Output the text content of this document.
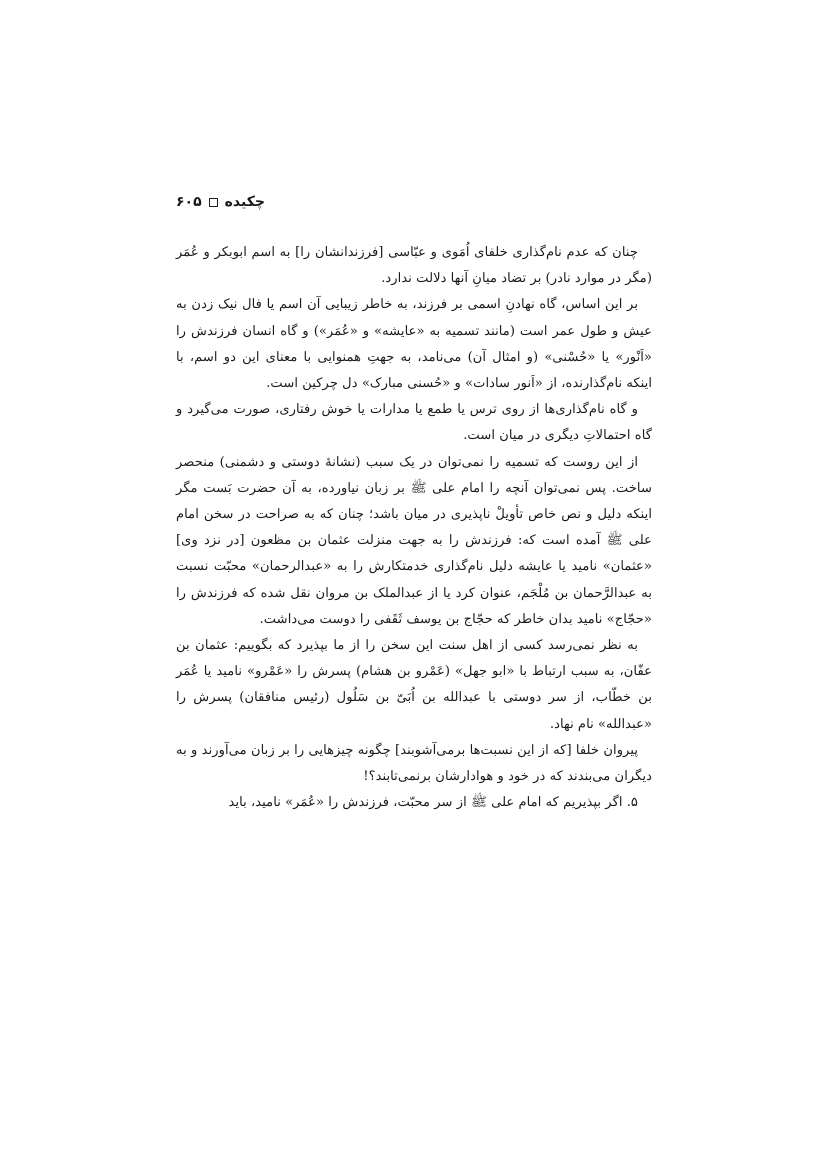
چکیده
۶۰۵

چنان که عدم نام‌گذاری خلفای اُمَوی و عبّاسی [فرزندانشان را] به اسم ابوبکر و عُمَر (مگر در موارد نادر) بر تضاد میانِ آنها دلالت ندارد.

بر این اساس، گاه نهادنِ اسمی بر فرزند، به خاطر زیبایی آن اسم یا فال نیک زدن به عیش و طول عمر است (مانند تسمیه به «عایشه» و «عُمَر») و گاه انسان فرزندش را «اَنْور» یا «حُسْنی» (و امثال آن) می‌نامد، به جهتِ همنوایی با معنای این دو اسم، با اینکه نام‌گذارنده، از «اَنور سادات» و «حُسنی مبارک» دل چرکین است.

و گاه نام‌گذاری‌ها از روی ترس یا طمع یا مدارات یا خوش رفتاری، صورت می‌گیرد و گاه احتمالاتِ دیگری در میان است.

از این روست که تسمیه را نمی‌توان در یک سبب (نشانهٔ دوستی و دشمنی) منحصر ساخت. پس نمی‌توان آنچه را امام علی ﷺ بر زبان نیاورده، به آن حضرت بَست مگر اینکه دلیل و نص خاص تأویلْ ناپذیری در میان باشد؛ چنان که به صراحت در سخن امام علی ﷺ آمده است که: فرزندش را به جهت منزلت عثمان بن مظعون [در نزد وی] «عثمان» نامید یا عایشه دلیل نام‌گذاری خدمتکارش را به «عبدالرحمان» محبّت نسبت به عبدالرَّحمان بن مُلْجَم، عنوان کرد یا از عبدالملک بن مروان نقل شده که فرزندش را «حجّاج» نامید بدان خاطر که حجّاج بن یوسف ثَقَفی را دوست می‌داشت.

به نظر نمی‌رسد کسی از اهل سنت این سخن را از ما بپذیرد که بگوییم: عثمان بن عفّان، به سبب ارتباط با «ابو جهل» (عَمْرو بن هشام) پسرش را «عَمْرو» نامید یا عُمَر بن خطّاب، از سر دوستی با عبدالله بن اُبَیّ بن سَلُول (رئیس منافقان) پسرش را «عبدالله» نام نهاد.

پیروان خلفا [که از این نسبت‌ها برمی‌آشوبند] چگونه چیزهایی را بر زبان می‌آورند و به دیگران می‌بندند که در خود و هوادارشان برنمی‌تابند؟!

۵. اگر بپذیریم که امام علی ﷺ از سر محبّت، فرزندش را «عُمَر» نامید، باید
